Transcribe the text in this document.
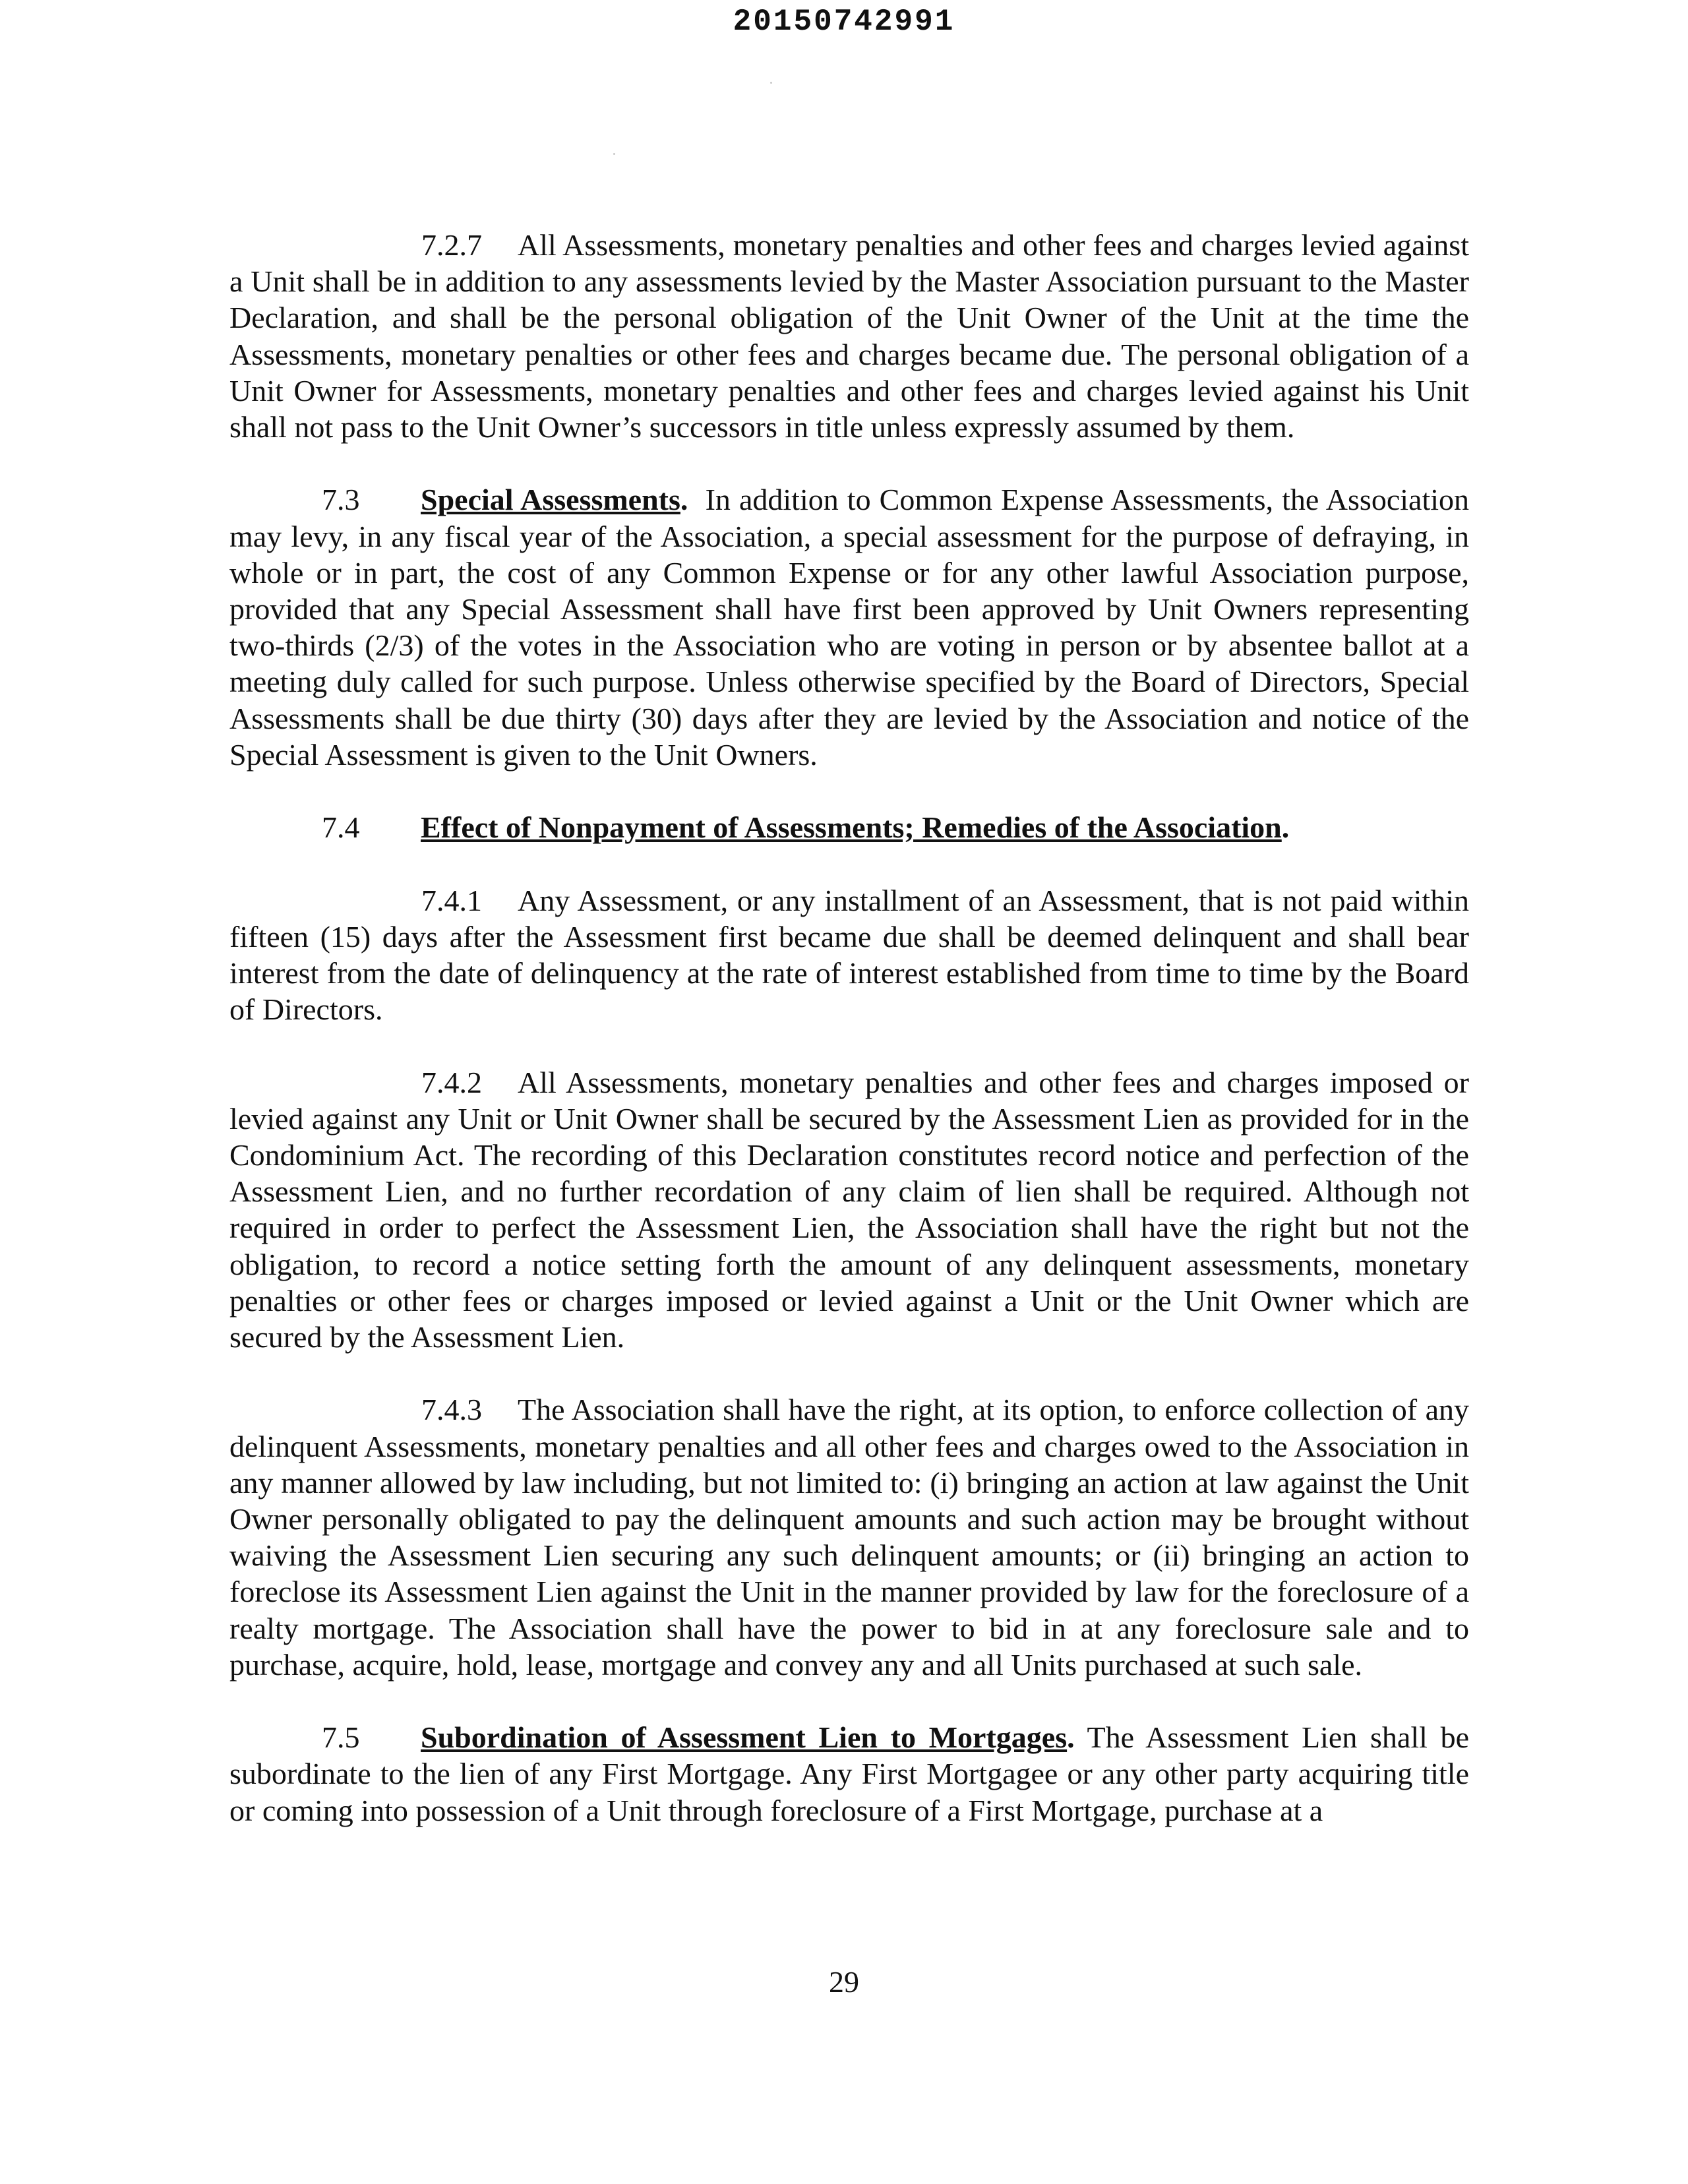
20150742991

7.2.7 All Assessments, monetary penalties and other fees and charges levied against a Unit shall be in addition to any assessments levied by the Master Association pursuant to the Master Declaration, and shall be the personal obligation of the Unit Owner of the Unit at the time the Assessments, monetary penalties or other fees and charges became due. The personal obligation of a Unit Owner for Assessments, monetary penalties and other fees and charges levied against his Unit shall not pass to the Unit Owner’s successors in title unless expressly assumed by them.

7.3 Special Assessments. In addition to Common Expense Assessments, the Association may levy, in any fiscal year of the Association, a special assessment for the purpose of defraying, in whole or in part, the cost of any Common Expense or for any other lawful Association purpose, provided that any Special Assessment shall have first been approved by Unit Owners representing two-thirds (2/3) of the votes in the Association who are voting in person or by absentee ballot at a meeting duly called for such purpose. Unless otherwise specified by the Board of Directors, Special Assessments shall be due thirty (30) days after they are levied by the Association and notice of the Special Assessment is given to the Unit Owners.

7.4 Effect of Nonpayment of Assessments; Remedies of the Association.

7.4.1 Any Assessment, or any installment of an Assessment, that is not paid within fifteen (15) days after the Assessment first became due shall be deemed delinquent and shall bear interest from the date of delinquency at the rate of interest established from time to time by the Board of Directors.

7.4.2 All Assessments, monetary penalties and other fees and charges imposed or levied against any Unit or Unit Owner shall be secured by the Assessment Lien as provided for in the Condominium Act. The recording of this Declaration constitutes record notice and perfection of the Assessment Lien, and no further recordation of any claim of lien shall be required. Although not required in order to perfect the Assessment Lien, the Association shall have the right but not the obligation, to record a notice setting forth the amount of any delinquent assessments, monetary penalties or other fees or charges imposed or levied against a Unit or the Unit Owner which are secured by the Assessment Lien.

7.4.3 The Association shall have the right, at its option, to enforce collection of any delinquent Assessments, monetary penalties and all other fees and charges owed to the Association in any manner allowed by law including, but not limited to: (i) bringing an action at law against the Unit Owner personally obligated to pay the delinquent amounts and such action may be brought without waiving the Assessment Lien securing any such delinquent amounts; or (ii) bringing an action to foreclose its Assessment Lien against the Unit in the manner provided by law for the foreclosure of a realty mortgage. The Association shall have the power to bid in at any foreclosure sale and to purchase, acquire, hold, lease, mortgage and convey any and all Units purchased at such sale.

7.5 Subordination of Assessment Lien to Mortgages. The Assessment Lien shall be subordinate to the lien of any First Mortgage. Any First Mortgagee or any other party acquiring title or coming into possession of a Unit through foreclosure of a First Mortgage, purchase at a

29
